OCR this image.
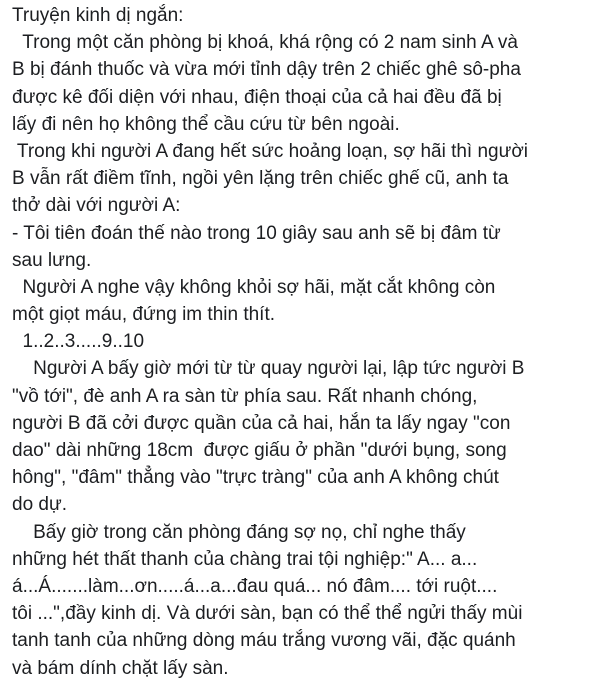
Truyện kinh dị ngắn:
Trong một căn phòng bị khoá, khá rộng có 2 nam sinh A và
B bị đánh thuốc và vừa mới tỉnh dậy trên 2 chiếc ghê sô-pha
được kê đối diện với nhau, điện thoại của cả hai đều đã bị
lấy đi nên họ không thể cầu cứu từ bên ngoài.
Trong khi người A đang hết sức hoảng loạn, sợ hãi thì người
B vẫn rất điềm tĩnh, ngồi yên lặng trên chiếc ghế cũ, anh ta
thở dài với người A:
- Tôi tiên đoán thế nào trong 10 giây sau anh sẽ bị đâm từ
sau lưng.
Người A nghe vậy không khỏi sợ hãi, mặt cắt không còn
một giọt máu, đứng im thin thít.
1..2..3.....9..10
Người A bấy giờ mới từ từ quay người lại, lập tức người B
"vồ tới", đè anh A ra sàn từ phía sau. Rất nhanh chóng,
người B đã cởi được quần của cả hai, hắn ta lấy ngay "con
dao" dài những 18cm  được giấu ở phần "dưới bụng, song
hông", "đâm" thẳng vào "trực tràng" của anh A không chút
do dự.
Bấy giờ trong căn phòng đáng sợ nọ, chỉ nghe thấy
những hét thất thanh của chàng trai tội nghiệp:" A... a...
á...Á.......làm...ơn.....á...a...đau quá... nó đâm.... tới ruột....
tôi ...",đầy kinh dị. Và dưới sàn, bạn có thể thể ngửi thấy mùi
tanh tanh của những dòng máu trắng vương vãi, đặc quánh
và bám dính chặt lấy sàn.
